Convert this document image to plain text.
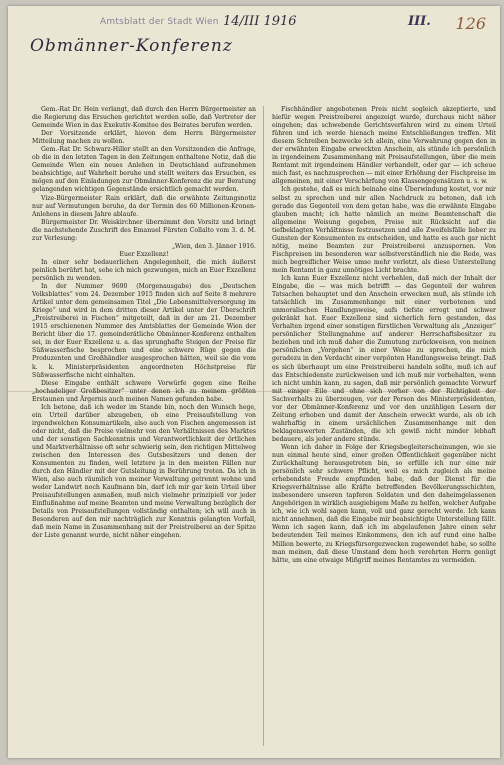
Amtsblatt der Stadt Wien 14/III 1916	III. 126
Obmänner-Konferenz

Gem.-Rat Dr. Hein verlangt, daß durch den Herrn Bürgermeister an die Regierung das Ersuchen gerichtet werden solle, daß Vertreter der Gemeinde Wien in das Exekutiv-Komitee des Beirates berufen werden.

Der Vorsitzende erklärt, hievon dem Herrn Bürgermeister Mitteilung machen zu wollen.

Gem.-Rat Dr. Schwarz-Hiller stellt an den Vorsitzenden die Anfrage, ob die in den letzten Tagen in den Zeitungen enthaltene Notiz, daß die Gemeinde Wien ein neues Anlehen in Deutschland aufzunehmen beabsichtige, auf Wahrheit beruhe und stellt weiters das Ersuchen, es mögen auf den Einladungen zur Obmänner-Konferenz die zur Beratung gelangenden wichtigen Gegenstände ersichtlich gemacht werden.

Vize-Bürgermeister Rain erklärt, daß die erwähnte Zeitungsnotiz nur auf Vermutungen beruhe, da der Termin des 60 Millionen-Kronen-Anlehens in diesem Jahre ablaufe.

Bürgermeister Dr. Weiskirchner übernimmt den Vorsitz und bringt die nachstehende Zuschrift des Emanuel Fürsten Collalto vom 3. d. M. zur Verlesung:

„Wien, den 3. Jänner 1916.

Euer Exzellenz!

In einer sehr bedauerlichen Angelegenheit, die mich äußerst peinlich berührt hat, sehe ich mich gezwungen, mich an Euer Exzellenz persönlich zu wenden.

In der Nummer 9690 (Morgenausgabe) des „Deutschen Volksblattes“ vom 24. Dezember 1915 finden sich auf Seite 8 mehrere Artikel unter dem gemeinsamen Titel „Die Lebensmittelversorgung im Kriege“ und wird in dem dritten dieser Artikel unter der Überschrift „Preistreiberei in Fischen“ mitgeteilt, daß in der am 21. Dezember 1915 erschienenen Nummer des Amtsblattes der Gemeinde Wien der Bericht über die 17. gemeinderätliche Obmänner-Konferenz enthalten sei, in der Euer Exzellenz u. a. das sprunghafte Steigen der Preise für Süßwasserfische besprochen und eine schwere Rüge gegen die Produzenten und Großhändler ausgesprochen hätten, weil sie die vom k. k. Ministerpräsidenten angeordneten Höchstpreise für Süßwasserfische nicht einhalten.

Diese Eingabe enthält schwere Vorwürfe gegen eine Reihe „hochadeliger Großbesitzer“ unter denen ich zu meinem größten Erstaunen und Ärgernis auch meinen Namen gefunden habe.

Ich betone, daß ich weder im Stande bin, noch den Wunsch hege, ein Urteil darüber abzugeben, ob eine Preisaufstellung von irgendwelchen Konsumartikeln, also auch von Fischen angemessen ist oder nicht, daß die Preise vielmehr von den Verhältnissen des Marktes und der sonstigen Sachkenntnis und Verantwortlichkeit der örtlichen und Marktverhältnisse oft sehr schwierig sein, den richtigen Mittelweg zwischen den Interessen des Gutsbesitzers und denen der Konsumenten zu finden, weil letztere ja in den meisten Fällen nur durch den Händler mit der Gutsleitung in Berührung treten. Da ich in Wien, also auch räumlich von meiner Verwaltung getrennt wohne und weder Landwirt noch Kaufmann bin, darf ich mir gar kein Urteil über Preisaufstellungen anmaßen, muß mich vielmehr prinzipiell vor jeder Einflußnahme auf meine Beamten und meine Verwaltung bezüglich der Details von Preisaufstellungen vollständig enthalten; ich will auch in Besonderen auf den mir nachträglich zur Kenntnis gelangten Vorfall, daß mein Name in Zusammenhang mit der Preistreiberei an der Spitze der Liste genannt wurde, nicht näher eingehen.

Fischhändler angebotenen Preis nicht sogleich akzeptierte, und hiefür wegen Preistreiberei angezeigt wurde, durchaus nicht näher eingehen; das schwebende Gerichtsverfahren wird zu einem Urteil führen und ich werde hienach meine Entschließungen treffen. Mit diesem Schreiben bezwecke ich allein, eine Verwahrung gegen den in der erwähnten Eingabe erweckten Anschein, als stünde ich persönlich in irgendeinem Zusammenhang mit Preisaufstellungen, über die mein Rentamt mit irgendeinem Händler verhandelt, oder gar — ich scheue mich fast, es nachzusprechen — mit einer Erhöhung der Fischpreise im allgemeinen, mit einer Verschärfung von Klassengegensätzen u. s. w.

Ich gestehe, daß es mich beinahe eine Überwindung kostet, vor mir selbst zu sprechen und mir allen Nachdruck zu betonen, daß ich gerade das Gegenteil von dem getan habe, was die erwähnte Eingabe glauben macht; ich hatte nämlich an meine Beamtenschaft die allgemeine Weisung gegeben, Preise mit Rücksicht auf die tiefbeklagten Verhältnisse festzusetzen und alle Zweifelsfälle lieber zu Gunsten der Konsumenten zu entscheiden, und hatte es auch gar nicht nötig, meine Beamten zur Preistreiberei anzuspornen. Von Fischpreisen im besonderen war selbstverständlich nie die Rede, was mich begreiflicher Weise umso mehr verletzt, als diese Unterstellung mein Rentamt in ganz unnötiges Licht brachte.

Ich kann Euer Exzellenz nicht verhehlen, daß mich der Inhalt der Eingabe, die — was mich betrifft — das Gegenteil der wahren Tatsachen behauptet und den Anschein erwecken muß, als stünde ich tatsächlich im Zusammenhange mit einer verbotenen und unmoralischen Handlungsweise, aufs tiefste erregt und schwer gekränkt hat. Euer Exzellenz sind sicherlich fern gestanden, das Verhalten irgend einer sonstigen fürstlichen Verwaltung als „Anzeiger“ persönlicher Stellungnahme auf anderer Herrschaftsbesitzer zu beziehen und ich muß daher die Zumutung zurückweisen, von meinen persönlichen „Vorgehen“ in einer Weise zu sprechen, die mich geradezu in den Verdacht einer verpönten Handlungsweise bringt. Daß es sich überhaupt um eine Preistreiberei handeln sollte, muß ich auf das Entschiedenste zurückweisen und ich muß mir vorbehalten, wenn ich nicht umhin kann, zu sagen, daß mir persönlich gemachte Vorwurf mit einiger Eile und ohne sich vorher von der Richtigkeit der Sachverhalts zu überzeugen, vor der Person des Ministerpräsidenten, vor der Obmänner-Konferenz und vor den unzähligen Lesern der Zeitung erhoben und damit der Anschein erweckt wurde, als ob ich wahrhaftig in einem ursächlichen Zusammenhange mit den beklagenswerten Zuständen, die ich gewiß nicht minder lebhaft bedauere, als jeder andere stünde.

Wenn ich daher in Folge der Kriegsbegleiterscheinungen, wie sie nun einmal heute sind, einer großen Öffentlichkeit gegenüber nicht Zurückhaltung herausgetreten bin, so erfülle ich nur eine mir persönlich sehr schwere Pflicht, weil es mich zugleich als meine erhebendste Freude empfunden habe, daß der Dienst für die Kriegsverhältnisse alle Kräfte betreffenden Bevölkerungsschichten, insbesondere unseren tapferen Soldaten und den daheimgelassenen Angehörigen in wirklich ausgiebigem Maße zu helfen, welcher Aufgabe ich, wie ich wohl sagen kann, voll und ganz gerecht werde. Ich kann nicht annehmen, daß die Eingabe mir beabsichtigte Unterstellung fällt. Wenn ich sagen kann, daß ich im abgelaufenen Jahre einen sehr bedeutenden Teil meines Einkommens, den ich auf rund eine halbe Million bewerte, zu Kriegsfürsorgezwecken zugewendet habe, so sollte man meinen, daß diese Umstand dem hoch verehrten Herrn genügt hätte, um eine etwaige Mißgriff meines Rentamtes zu vermeiden.
